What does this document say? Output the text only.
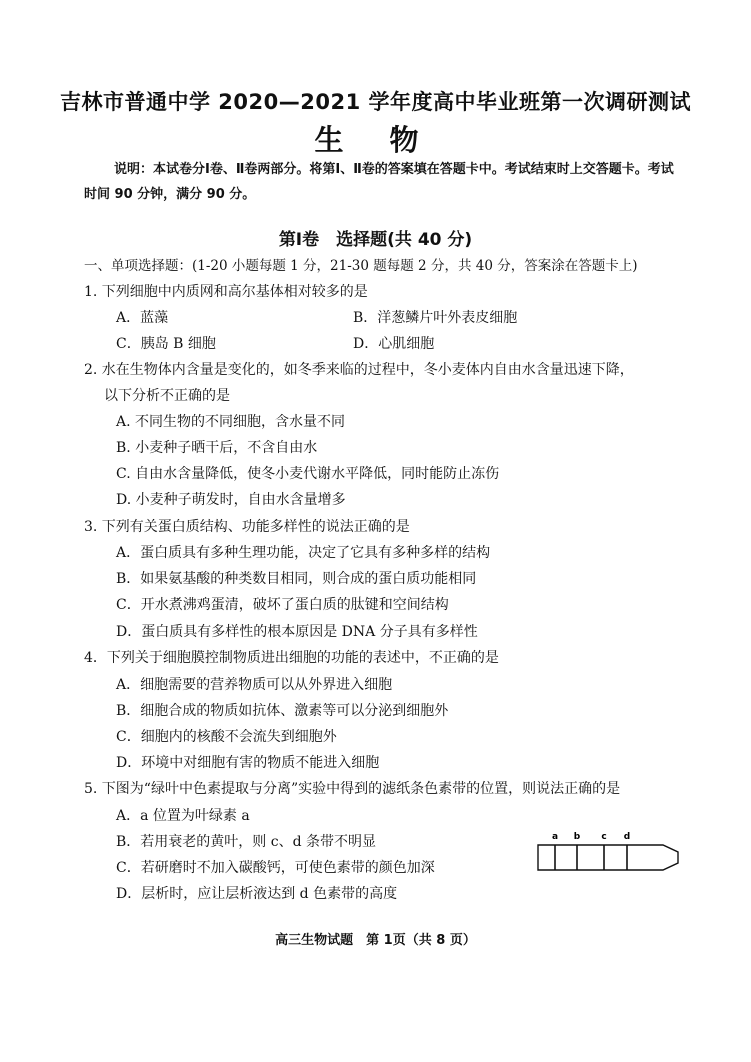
吉林市普通中学 2020—2021 学年度高中毕业班第一次调研测试
生 物
说明：本试卷分Ⅰ卷、Ⅱ卷两部分。将第Ⅰ、Ⅱ卷的答案填在答题卡中。考试结束时上交答题卡。考试时间 90 分钟，满分 90 分。
第Ⅰ卷　选择题(共 40 分)
一、单项选择题：(1-20 小题每题 1 分，21-30 题每题 2 分，共 40 分，答案涂在答题卡上)
1. 下列细胞中内质网和高尔基体相对较多的是
A．蓝藻	B．洋葱鳞片叶外表皮细胞
C．胰岛 B 细胞	D．心肌细胞
2. 水在生物体内含量是变化的，如冬季来临的过程中，冬小麦体内自由水含量迅速下降，
以下分析不正确的是
A. 不同生物的不同细胞，含水量不同
B. 小麦种子晒干后，不含自由水
C. 自由水含量降低，使冬小麦代谢水平降低，同时能防止冻伤
D. 小麦种子萌发时，自由水含量增多
3. 下列有关蛋白质结构、功能多样性的说法正确的是
A．蛋白质具有多种生理功能，决定了它具有多种多样的结构
B．如果氨基酸的种类数目相同，则合成的蛋白质功能相同
C．开水煮沸鸡蛋清，破坏了蛋白质的肽键和空间结构
D．蛋白质具有多样性的根本原因是 DNA 分子具有多样性
4．下列关于细胞膜控制物质进出细胞的功能的表述中，不正确的是
A．细胞需要的营养物质可以从外界进入细胞
B．细胞合成的物质如抗体、激素等可以分泌到细胞外
C．细胞内的核酸不会流失到细胞外
D．环境中对细胞有害的物质不能进入细胞
5. 下图为“绿叶中色素提取与分离”实验中得到的滤纸条色素带的位置，则说法正确的是
A．a 位置为叶绿素 a
B．若用衰老的黄叶，则 c、d 条带不明显
C．若研磨时不加入碳酸钙，可使色素带的颜色加深
D．层析时，应让层析液达到 d 色素带的高度
a b c d
高三生物试题　第 1页（共 8 页）
